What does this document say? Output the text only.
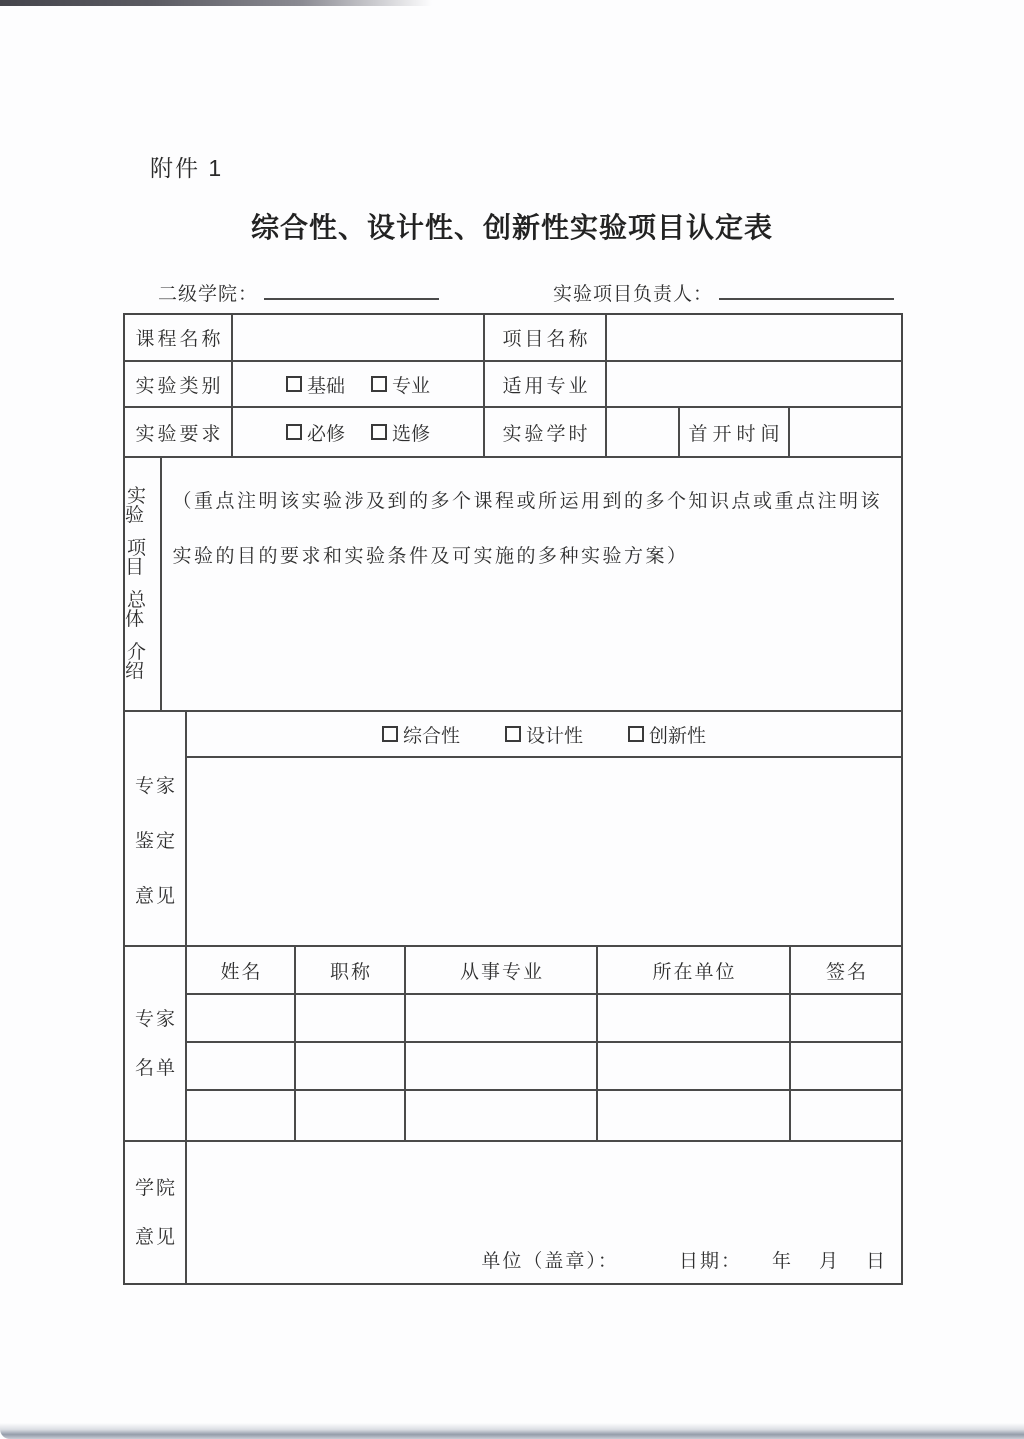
附件 1
综合性、设计性、创新性实验项目认定表
二级学院：	实验项目负责人：
课程名称	项目名称
实验类别	基础 专业	适用专业
实验要求	必修 选修	实验学时	首开时间
实验
项目
总体
介绍
（重点注明该实验涉及到的多个课程或所运用到的多个知识点或重点注明该实验的目的要求和实验条件及可实施的多种实验方案）
专家
鉴定
意见
综合性	设计性	创新性
专家
名单
姓名	职称	从事专业	所在单位	签名
学院
意见
单位（盖章）：	日期： 年 月 日
